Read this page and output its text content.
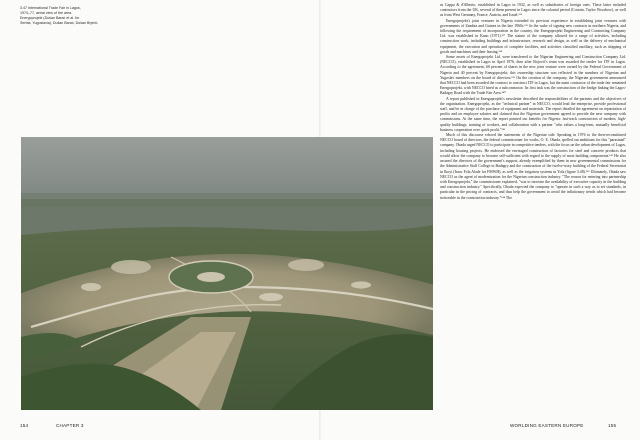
3.47 International Trade Fair in Lagos,
1974–77, aerial view of the area.
Energoprojekt (Dušan Barać et al. for
Serbia, Yugoslavia), Dušan Barać, Dušan Brjerić.

as Cappa & d'Alberto, established in Lagos in 1932, as well as subsidiaries of foreign ones. These latter included contractors from the UK, several of them present in Lagos since the colonial period (Costain, Taylor Woodrow), as well as from West Germany, France, Austria, and Israel.¹³⁵

Energoprojekt's joint ventures in Nigeria extended its previous experience in establishing joint ventures with governments of Zambia and Guinea in the late 1960s.¹³⁶ In the wake of signing new contracts in northern Nigeria, and following the requirement of incorporation in the country, the Energoprojekt Engineering and Contracting Company Ltd. was established in Kano (1971).¹³⁷ The statute of the company allowed for a range of activities, including construction work, including buildings and infrastructure, research and design, as well as the delivery of mechanical equipment, the execution and operation of complete facilities, and activities classified ancillary, such as shipping of goods and machines and their leasing.¹³⁸

Some assets of Energoprojekt Ltd. were transferred to the Nigerian Engineering and Construction Company Ltd. (NECCO), established in Lagos in April 1976, then after Bojović's team was awarded the tender for ITF in Lagos. According to the agreement, 60 percent of shares in the new joint venture were owned by the Federal Government of Nigeria and 40 percent by Energoprojekt; this ownership structure was reflected in the numbers of Nigerian and Yugoslav members on the board of directors.¹³⁹ On the creation of the company, the Nigerian government announced that NECCO had been awarded the contract to construct ITF in Lagos, but the main contractor of the trade fair remained Energoprojekt, with NECCO hired as a subcontractor. Its first task was the construction of the bridge linking the Lagos-Badagry Road with the Trade Fair Area.¹⁴⁰

A report published in Energoprojekt's newsletter described the responsibilities of the partners and the objectives of the organization. Energoprojekt, as the "technical partner" in NECCO, would lead the enterprise, provide professional staff, and be in charge of the purchase of equipment and materials. The report detailed the agreement on repatriation of profits and on employee salaries and claimed that the Nigerian government agreed to provide the new company with commissions. At the same time, the report pointed out benefits for Nigeria: fast-track construction of modern, high-quality buildings, training of workers, and collaboration with a partner "who values a long-term, mutually beneficial business cooperation over quick profit."¹⁴¹

Much of this discourse echoed the statements of the Nigerian side. Speaking in 1976 to the then-reconstituted NECCO board of directors, the federal commissioner for works, O. E. Obada, spelled out ambitions for this "parastatal" company. Obada urged NECCO to participate in competitive tenders, with the focus on the urban development of Lagos, including housing projects. He endorsed the envisaged construction of factories for steel and concrete products that would allow the company to become self-sufficient with regard to the supply of most building components.¹⁴² He also assured the directors of the government's support, already exemplified by them in new governmental commissions for the Administrative Staff College in Badagry and the construction of the twelve-story building of the Federal Secretariat in Ikoyi (Isaac Fola Alade for FMWH), as well as the irrigation systems in Yola (figure 3.48).¹⁴³ Ultimately, Obada saw NECCO as the agent of modernization for the Nigerian construction industry. "The reason for entering into partnership with Energoprojekt," the commissioner explained, "was to increase the availability of executive capacity in the building and construction industry." Specifically, Obada expected the company to "operate in such a way as to set standards, in particular in the pricing of contracts, and thus help the government to avoid the inflationary trends which had become noticeable in the construction industry."¹⁴⁴ The

154	CHAPTER 3	WORLDING EASTERN EUROPE	155
